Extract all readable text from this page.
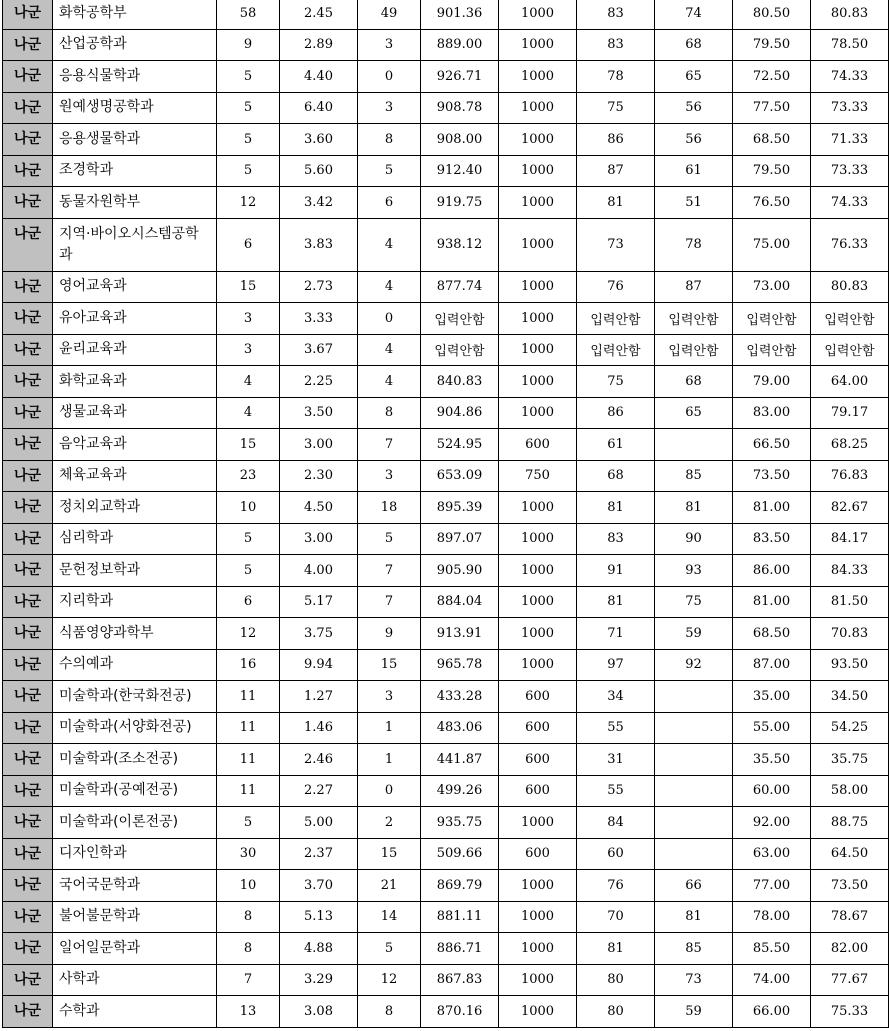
나군	화학공학부	58	2.45	49	901.36	1000	83	74	80.50	80.83
나군	산업공학과	9	2.89	3	889.00	1000	83	68	79.50	78.50
나군	응용식물학과	5	4.40	0	926.71	1000	78	65	72.50	74.33
나군	원예생명공학과	5	6.40	3	908.78	1000	75	56	77.50	73.33
나군	응용생물학과	5	3.60	8	908.00	1000	86	56	68.50	71.33
나군	조경학과	5	5.60	5	912.40	1000	87	61	79.50	73.33
나군	동물자원학부	12	3.42	6	919.75	1000	81	51	76.50	74.33
나군	지역·바이오시스템공학과	6	3.83	4	938.12	1000	73	78	75.00	76.33
나군	영어교육과	15	2.73	4	877.74	1000	76	87	73.00	80.83
나군	유아교육과	3	3.33	0	입력안함	1000	입력안함	입력안함	입력안함	입력안함
나군	윤리교육과	3	3.67	4	입력안함	1000	입력안함	입력안함	입력안함	입력안함
나군	화학교육과	4	2.25	4	840.83	1000	75	68	79.00	64.00
나군	생물교육과	4	3.50	8	904.86	1000	86	65	83.00	79.17
나군	음악교육과	15	3.00	7	524.95	600	61		66.50	68.25
나군	체육교육과	23	2.30	3	653.09	750	68	85	73.50	76.83
나군	정치외교학과	10	4.50	18	895.39	1000	81	81	81.00	82.67
나군	심리학과	5	3.00	5	897.07	1000	83	90	83.50	84.17
나군	문헌정보학과	5	4.00	7	905.90	1000	91	93	86.00	84.33
나군	지리학과	6	5.17	7	884.04	1000	81	75	81.00	81.50
나군	식품영양과학부	12	3.75	9	913.91	1000	71	59	68.50	70.83
나군	수의예과	16	9.94	15	965.78	1000	97	92	87.00	93.50
나군	미술학과(한국화전공)	11	1.27	3	433.28	600	34		35.00	34.50
나군	미술학과(서양화전공)	11	1.46	1	483.06	600	55		55.00	54.25
나군	미술학과(조소전공)	11	2.46	1	441.87	600	31		35.50	35.75
나군	미술학과(공예전공)	11	2.27	0	499.26	600	55		60.00	58.00
나군	미술학과(이론전공)	5	5.00	2	935.75	1000	84		92.00	88.75
나군	디자인학과	30	2.37	15	509.66	600	60		63.00	64.50
나군	국어국문학과	10	3.70	21	869.79	1000	76	66	77.00	73.50
나군	불어불문학과	8	5.13	14	881.11	1000	70	81	78.00	78.67
나군	일어일문학과	8	4.88	5	886.71	1000	81	85	85.50	82.00
나군	사학과	7	3.29	12	867.83	1000	80	73	74.00	77.67
나군	수학과	13	3.08	8	870.16	1000	80	59	66.00	75.33
